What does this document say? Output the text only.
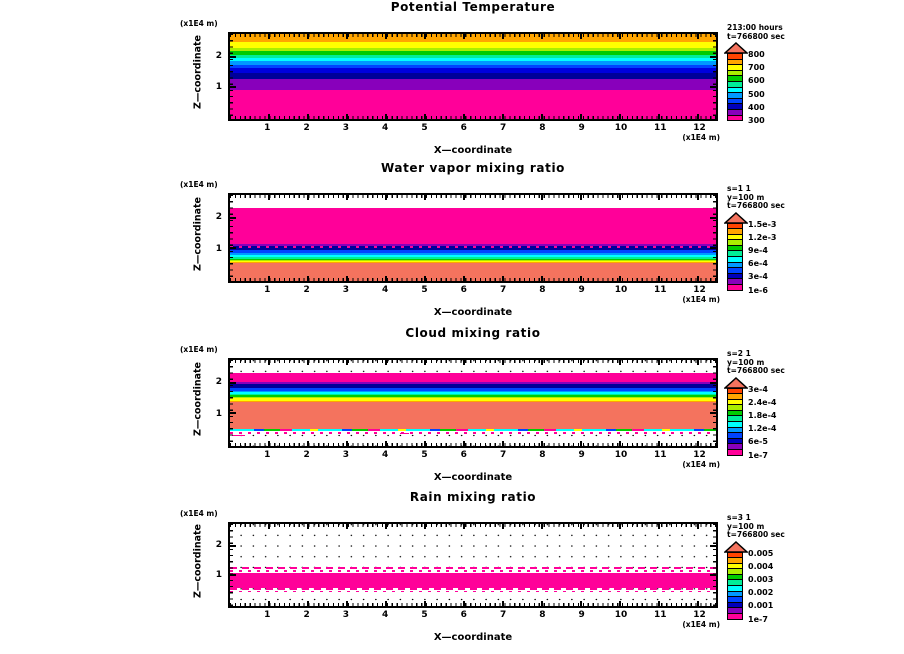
Potential Temperature
(x1E4 m)
Z—coordinate	2
1
1	2	3	4	5	6	7	8	9	10	11	12
(x1E4 m)
X—coordinate
213:00 hours
t=766800 sec
800
700
600
500
400
300
Water vapor mixing ratio
(x1E4 m)
Z—coordinate	2
1
1	2	3	4	5	6	7	8	9	10	11	12
(x1E4 m)
X—coordinate
s=1 1
y=100 m
t=766800 sec
1.5e-3
1.2e-3
9e-4
6e-4
3e-4
1e-6
Cloud mixing ratio
(x1E4 m)
Z—coordinate	2
1
1	2	3	4	5	6	7	8	9	10	11	12
(x1E4 m)
X—coordinate
s=2 1
y=100 m
t=766800 sec
3e-4
2.4e-4
1.8e-4
1.2e-4
6e-5
1e-7
Rain mixing ratio
(x1E4 m)
Z—coordinate	2
1
1	2	3	4	5	6	7	8	9	10	11	12
(x1E4 m)
X—coordinate
s=3 1
y=100 m
t=766800 sec
0.005
0.004
0.003
0.002
0.001
1e-7
